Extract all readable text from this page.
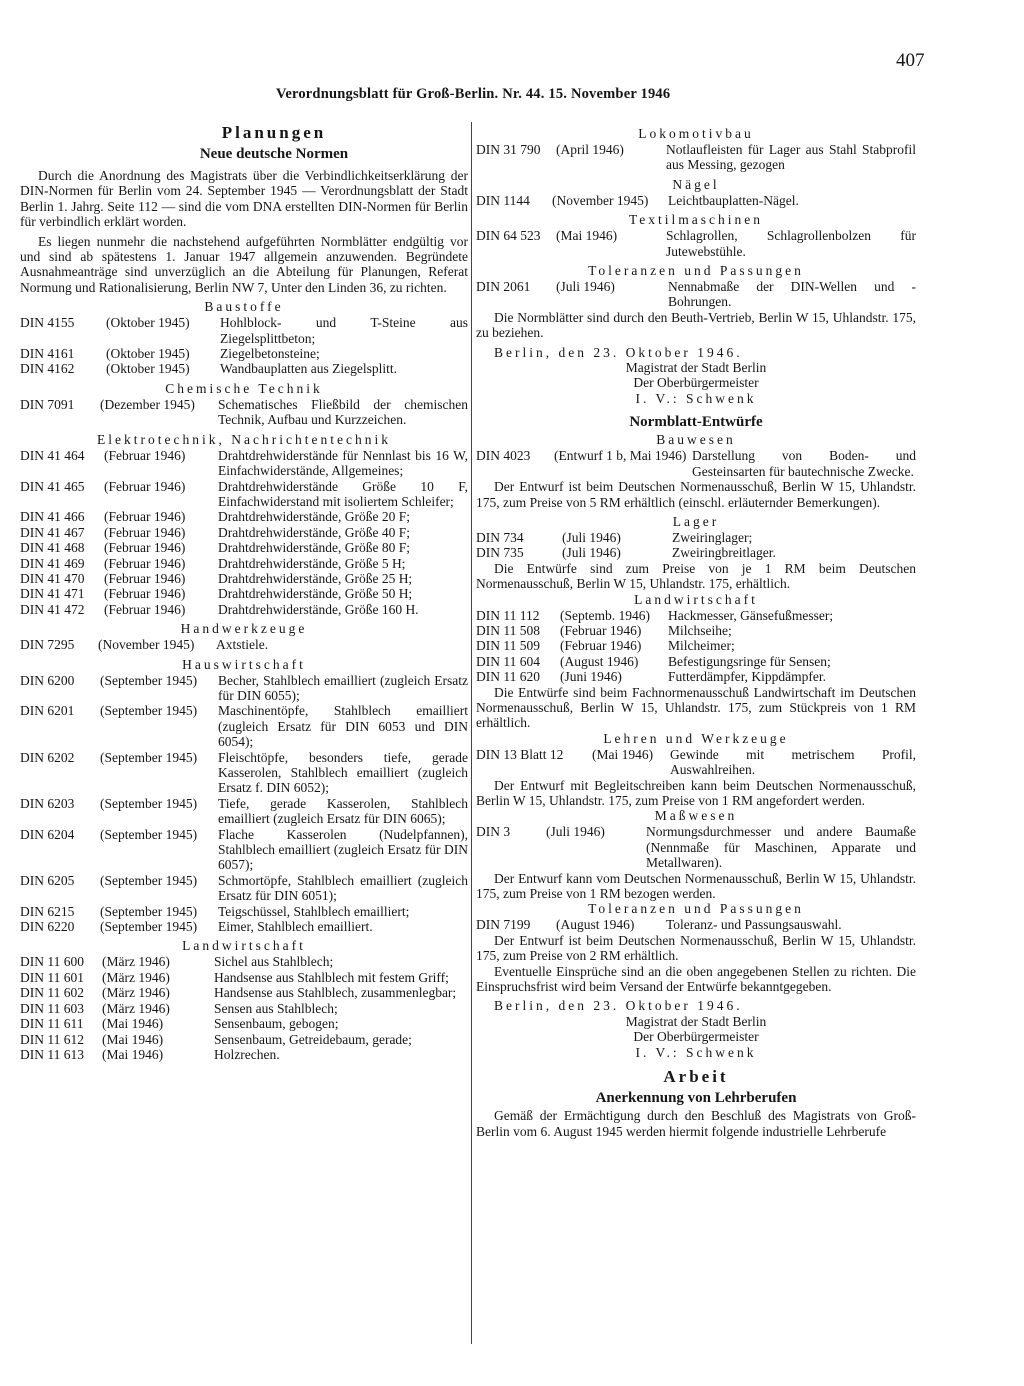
407
Verordnungsblatt für Groß-Berlin. Nr. 44. 15. November 1946

Planungen

Neue deutsche Normen

Durch die Anordnung des Magistrats über die Verbindlichkeitserklärung der DIN-Normen für Berlin vom 24. September 1945 — Verordnungsblatt der Stadt Berlin 1. Jahrg. Seite 112 — sind die vom DNA erstellten DIN-Normen für Berlin für verbindlich erklärt worden.

Es liegen nunmehr die nachstehend aufgeführten Normblätter endgültig vor und sind ab spätestens 1. Januar 1947 allgemein anzuwenden. Begründete Ausnahmeanträge sind unverzüglich an die Abteilung für Planungen, Referat Normung und Rationalisierung, Berlin NW 7, Unter den Linden 36, zu richten.

Baustoffe

DIN 4155	(Oktober 1945)	Hohlblock- und T-Steine aus Ziegelsplittbeton;
DIN 4161	(Oktober 1945)	Ziegelbetonsteine;
DIN 4162	(Oktober 1945)	Wandbauplatten aus Ziegelsplitt.

Chemische Technik

DIN 7091	(Dezember 1945)	Schematisches Fließbild der chemischen Technik, Aufbau und Kurzzeichen.

Elektrotechnik, Nachrichtentechnik

DIN 41 464	(Februar 1946)	Drahtdrehwiderstände für Nennlast bis 16 W, Einfachwiderstände, Allgemeines;
DIN 41 465	(Februar 1946)	Drahtdrehwiderstände Größe 10 F, Einfachwiderstand mit isoliertem Schleifer;
DIN 41 466	(Februar 1946)	Drahtdrehwiderstände, Größe 20 F;
DIN 41 467	(Februar 1946)	Drahtdrehwiderstände, Größe 40 F;
DIN 41 468	(Februar 1946)	Drahtdrehwiderstände, Größe 80 F;
DIN 41 469	(Februar 1946)	Drahtdrehwiderstände, Größe 5 H;
DIN 41 470	(Februar 1946)	Drahtdrehwiderstände, Größe 25 H;
DIN 41 471	(Februar 1946)	Drahtdrehwiderstände, Größe 50 H;
DIN 41 472	(Februar 1946)	Drahtdrehwiderstände, Größe 160 H.

Handwerkzeuge

DIN 7295	(November 1945)	Axtstiele.

Hauswirtschaft

DIN 6200	(September 1945)	Becher, Stahlblech emailliert (zugleich Ersatz für DIN 6055);
DIN 6201	(September 1945)	Maschinentöpfe, Stahlblech emailliert (zugleich Ersatz für DIN 6053 und DIN 6054);
DIN 6202	(September 1945)	Fleischtöpfe, besonders tiefe, gerade Kasserolen, Stahlblech emailliert (zugleich Ersatz f. DIN 6052);
DIN 6203	(September 1945)	Tiefe, gerade Kasserolen, Stahlblech emailliert (zugleich Ersatz für DIN 6065);
DIN 6204	(September 1945)	Flache Kasserolen (Nudelpfannen), Stahlblech emailliert (zugleich Ersatz für DIN 6057);
DIN 6205	(September 1945)	Schmortöpfe, Stahlblech emailliert (zugleich Ersatz für DIN 6051);
DIN 6215	(September 1945)	Teigschüssel, Stahlblech emailliert;
DIN 6220	(September 1945)	Eimer, Stahlblech emailliert.

Landwirtschaft

DIN 11 600	(März 1946)	Sichel aus Stahlblech;
DIN 11 601	(März 1946)	Handsense aus Stahlblech mit festem Griff;
DIN 11 602	(März 1946)	Handsense aus Stahlblech, zusammenlegbar;
DIN 11 603	(März 1946)	Sensen aus Stahlblech;
DIN 11 611	(Mai 1946)	Sensenbaum, gebogen;
DIN 11 612	(Mai 1946)	Sensenbaum, Getreidebaum, gerade;
DIN 11 613	(Mai 1946)	Holzrechen.

Lokomotivbau

DIN 31 790	(April 1946)	Notlaufleisten für Lager aus Stahl Stabprofil aus Messing, gezogen

Nägel

DIN 1144	(November 1945)	Leichtbauplatten-Nägel.

Textilmaschinen

DIN 64 523	(Mai 1946)	Schlagrollen, Schlagrollenbolzen für Jutewebstühle.

Toleranzen und Passungen

DIN 2061	(Juli 1946)	Nennabmaße der DIN-Wellen und -Bohrungen.

Die Normblätter sind durch den Beuth-Vertrieb, Berlin W 15, Uhlandstr. 175, zu beziehen.

Berlin, den 23. Oktober 1946.

Magistrat der Stadt Berlin

Der Oberbürgermeister

I. V.: Schwenk

Normblatt-Entwürfe

Bauwesen

DIN 4023	(Entwurf 1 b, Mai 1946) Darstellung von Boden- und Gesteinsarten für bautechnische Zwecke.

Der Entwurf ist beim Deutschen Normenausschuß, Berlin W 15, Uhlandstr. 175, zum Preise von 5 RM erhältlich (einschl. erläuternder Bemerkungen).

Lager

DIN 734	(Juli 1946)	Zweiringlager;
DIN 735	(Juli 1946)	Zweiringbreitlager.

Die Entwürfe sind zum Preise von je 1 RM beim Deutschen Normenausschuß, Berlin W 15, Uhlandstr. 175, erhältlich.

Landwirtschaft

DIN 11 112	(Septemb. 1946)	Hackmesser, Gänsefußmesser;
DIN 11 508	(Februar 1946)	Milchseihe;
DIN 11 509	(Februar 1946)	Milcheimer;
DIN 11 604	(August 1946)	Befestigungsringe für Sensen;
DIN 11 620	(Juni 1946)	Futterdämpfer, Kippdämpfer.

Die Entwürfe sind beim Fachnormenausschuß Landwirtschaft im Deutschen Normenausschuß, Berlin W 15, Uhlandstr. 175, zum Stückpreis von 1 RM erhältlich.

Lehren und Werkzeuge

DIN 13 Blatt 12	(Mai 1946)	Gewinde mit metrischem Profil, Auswahlreihen.

Der Entwurf mit Begleitschreiben kann beim Deutschen Normenausschuß, Berlin W 15, Uhlandstr. 175, zum Preise von 1 RM angefordert werden.

Maßwesen

DIN 3	(Juli 1946)	Normungsdurchmesser und andere Baumaße (Nennmaße für Maschinen, Apparate und Metallwaren).

Der Entwurf kann vom Deutschen Normenausschuß, Berlin W 15, Uhlandstr. 175, zum Preise von 1 RM bezogen werden.

Toleranzen und Passungen

DIN 7199	(August 1946)	Toleranz- und Passungsauswahl.

Der Entwurf ist beim Deutschen Normenausschuß, Berlin W 15, Uhlandstr. 175, zum Preise von 2 RM erhältlich.

Eventuelle Einsprüche sind an die oben angegebenen Stellen zu richten. Die Einspruchsfrist wird beim Versand der Entwürfe bekanntgegeben.

Berlin, den 23. Oktober 1946.

Magistrat der Stadt Berlin

Der Oberbürgermeister

I. V.: Schwenk

Arbeit

Anerkennung von Lehrberufen

Gemäß der Ermächtigung durch den Beschluß des Magistrats von Groß-Berlin vom 6. August 1945 werden hiermit folgende industrielle Lehrberufe
